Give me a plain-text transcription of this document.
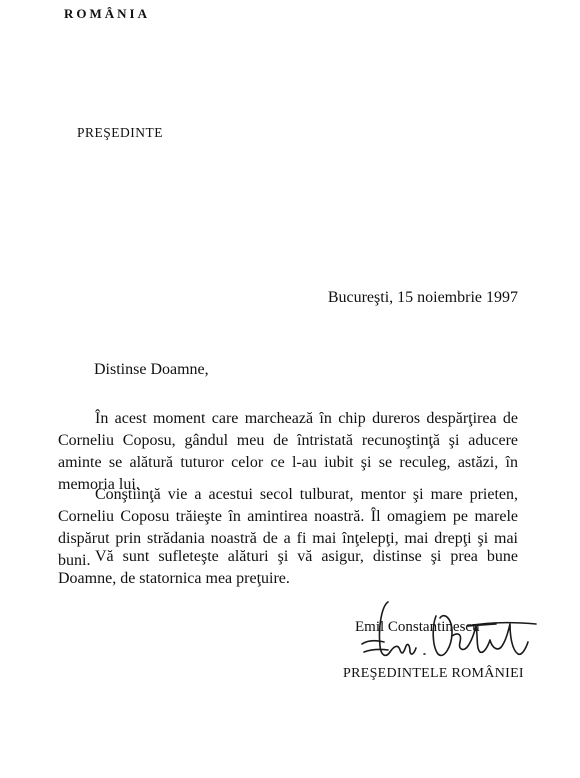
ROMÂNIA
PREŞEDINTE
Bucureşti, 15 noiembrie 1997
Distinse Doamne,

În acest moment care marchează în chip dureros despărţirea de Corneliu Coposu, gândul meu de întristată recunoştinţă şi aducere aminte se alătură tuturor celor ce l-au iubit şi se reculeg, astăzi, în memoria lui.

Conştiinţă vie a acestui secol tulburat, mentor şi mare prieten, Corneliu Coposu trăieşte în amintirea noastră. Îl omagiem pe marele dispărut prin strădania noastră de a fi mai înţelepţi, mai drepţi şi mai buni. Vă sunt sufleteşte alături şi vă asigur, distinse şi prea bune Doamne, de statornica mea preţuire.

Emil Constantinescu
PREŞEDINTELE ROMÂNIEI
